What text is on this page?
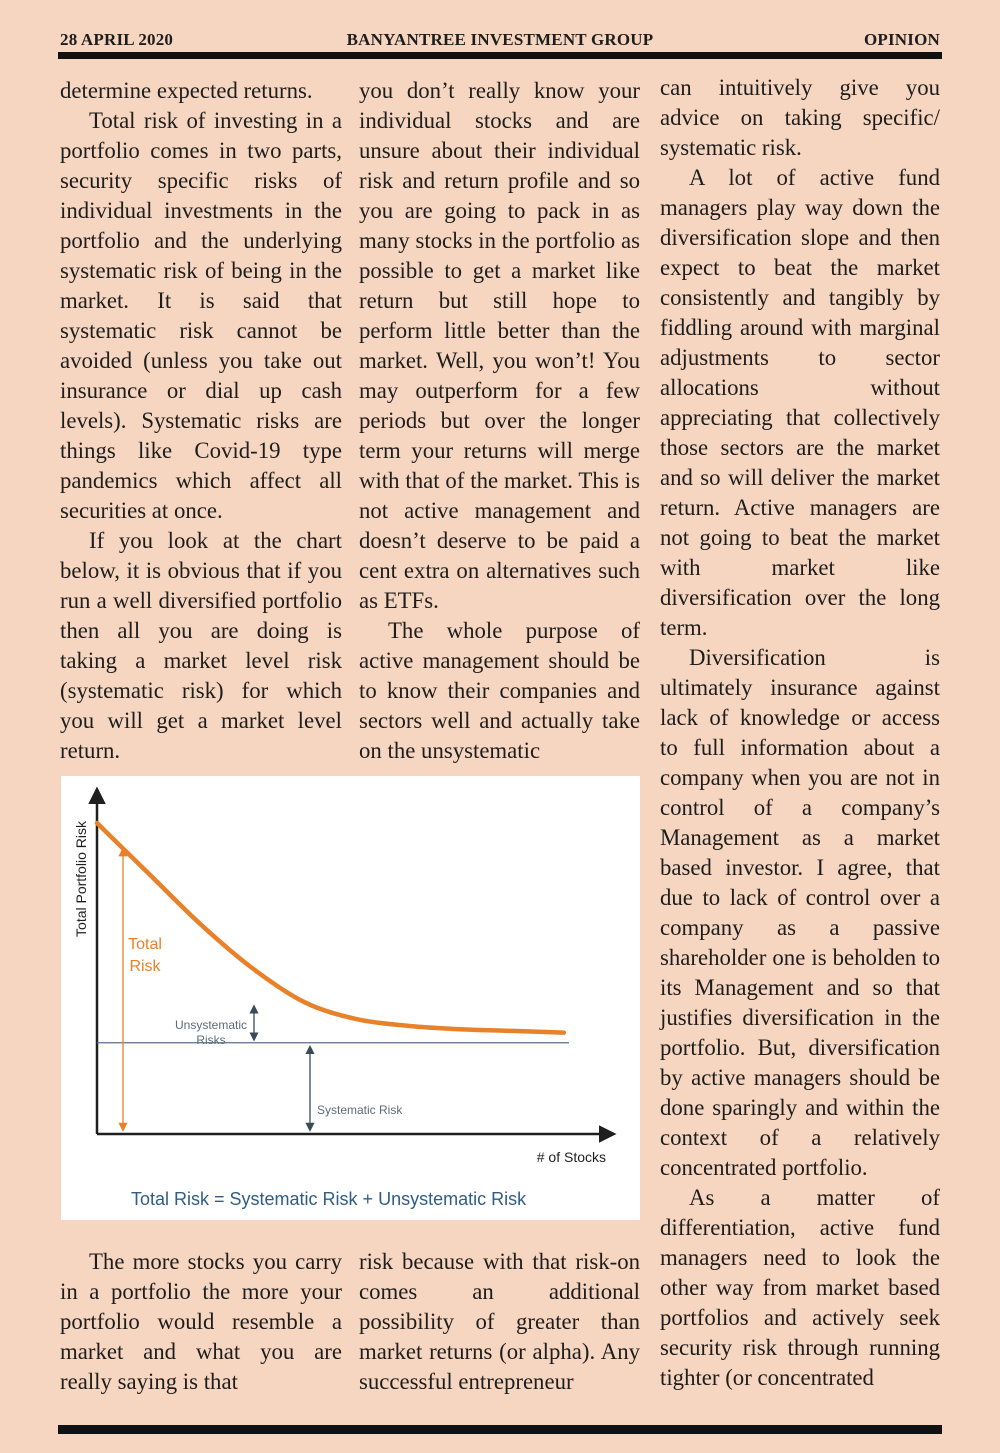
28 APRIL 2020	BANYANTREE INVESTMENT GROUP	OPINION

determine expected returns.

Total risk of investing in a portfolio comes in two parts, security specific risks of individual investments in the portfolio and the underlying systematic risk of being in the market. It is said that systematic risk cannot be avoided (unless you take out insurance or dial up cash levels). Systematic risks are things like Covid-19 type pandemics which affect all securities at once.

If you look at the chart below, it is obvious that if you run a well diversified portfolio then all you are doing is taking a market level risk (systematic risk) for which you will get a market level return.

you don’t really know your individual stocks and are unsure about their individual risk and return profile and so you are going to pack in as many stocks in the portfolio as possible to get a market like return but still hope to perform little better than the market. Well, you won’t! You may outperform for a few periods but over the longer term your returns will merge with that of the market. This is not active management and doesn’t deserve to be paid a cent extra on alternatives such as ETFs.

The whole purpose of active management should be to know their companies and sectors well and actually take on the unsystematic

can intuitively give you advice on taking specific/ systematic risk.

A lot of active fund managers play way down the diversification slope and then expect to beat the market consistently and tangibly by fiddling around with marginal adjustments to sector allocations without appreciating that collectively those sectors are the market and so will deliver the market return. Active managers are not going to beat the market with market like diversification over the long term.

Diversification is ultimately insurance against lack of knowledge or access to full information about a company when you are not in control of a company’s Management as a market based investor. I agree, that due to lack of control over a company as a passive shareholder one is beholden to its Management and so that justifies diversification in the portfolio. But, diversification by active managers should be done sparingly and within the context of a relatively concentrated portfolio.

As a matter of differentiation, active fund managers need to look the other way from market based portfolios and actively seek security risk through running tighter (or concentrated

Total Portfolio Risk
# of Stocks
Total
Risk
Unsystematic
Risks
Systematic Risk
Total Risk = Systematic Risk + Unsystematic Risk

The more stocks you carry in a portfolio the more your portfolio would resemble a market and what you are really saying is that

risk because with that risk-on comes an additional possibility of greater than market returns (or alpha). Any successful entrepreneur
